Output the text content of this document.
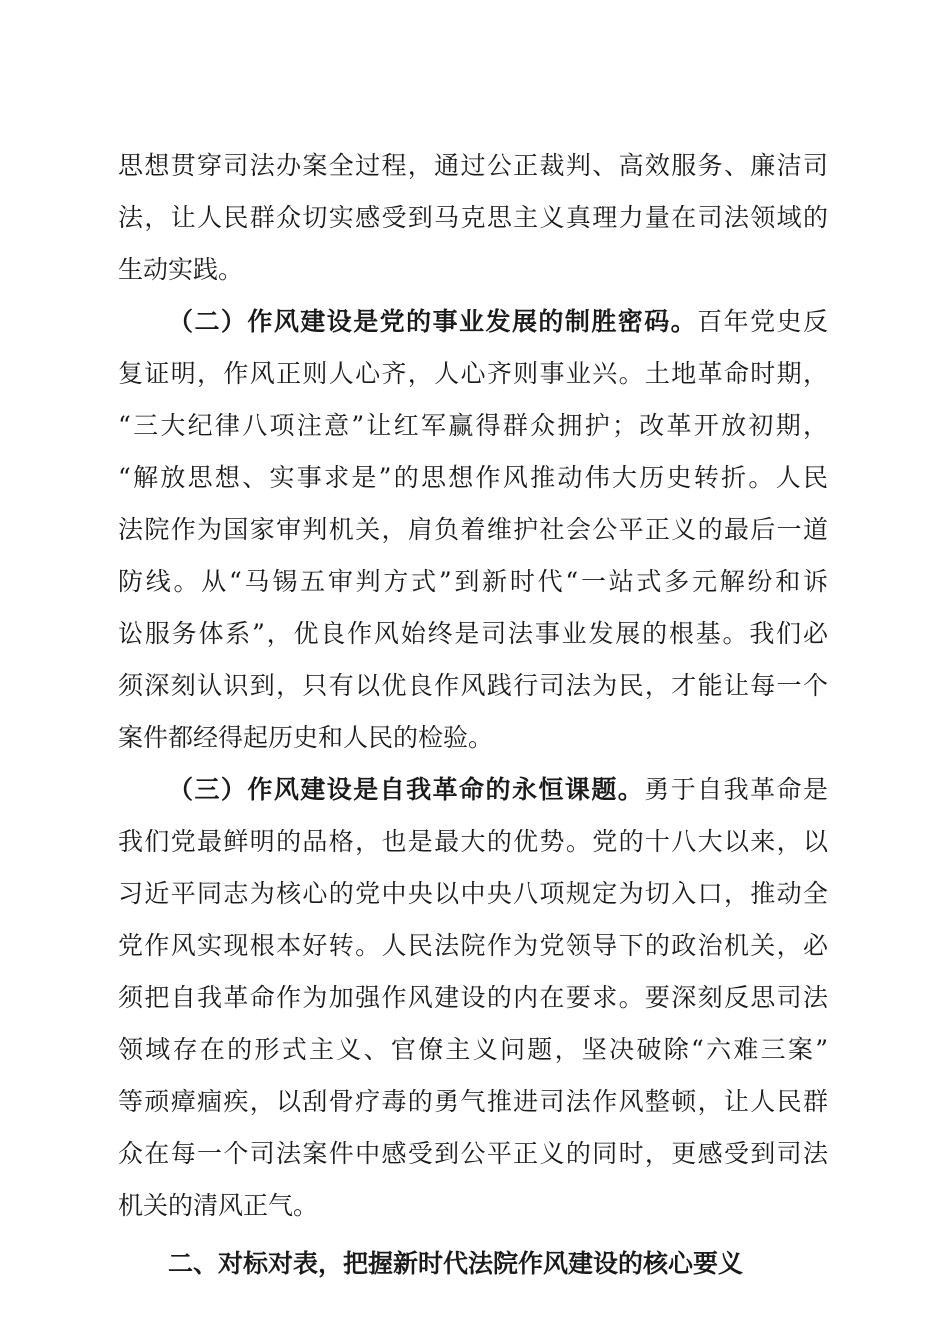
思想贯穿司法办案全过程，通过公正裁判、高效服务、廉洁司
法，让人民群众切实感受到马克思主义真理力量在司法领域的
生动实践。
（二）作风建设是党的事业发展的制胜密码。百年党史反
复证明，作风正则人心齐，人心齐则事业兴。土地革命时期，
“三大纪律八项注意”让红军赢得群众拥护；改革开放初期，
“解放思想、实事求是”的思想作风推动伟大历史转折。人民
法院作为国家审判机关，肩负着维护社会公平正义的最后一道
防线。从“马锡五审判方式”到新时代“一站式多元解纷和诉
讼服务体系”，优良作风始终是司法事业发展的根基。我们必
须深刻认识到，只有以优良作风践行司法为民，才能让每一个
案件都经得起历史和人民的检验。
（三）作风建设是自我革命的永恒课题。勇于自我革命是
我们党最鲜明的品格，也是最大的优势。党的十八大以来，以
习近平同志为核心的党中央以中央八项规定为切入口，推动全
党作风实现根本好转。人民法院作为党领导下的政治机关，必
须把自我革命作为加强作风建设的内在要求。要深刻反思司法
领域存在的形式主义、官僚主义问题，坚决破除“六难三案”
等顽瘴痼疾，以刮骨疗毒的勇气推进司法作风整顿，让人民群
众在每一个司法案件中感受到公平正义的同时，更感受到司法
机关的清风正气。
二、对标对表，把握新时代法院作风建设的核心要义
